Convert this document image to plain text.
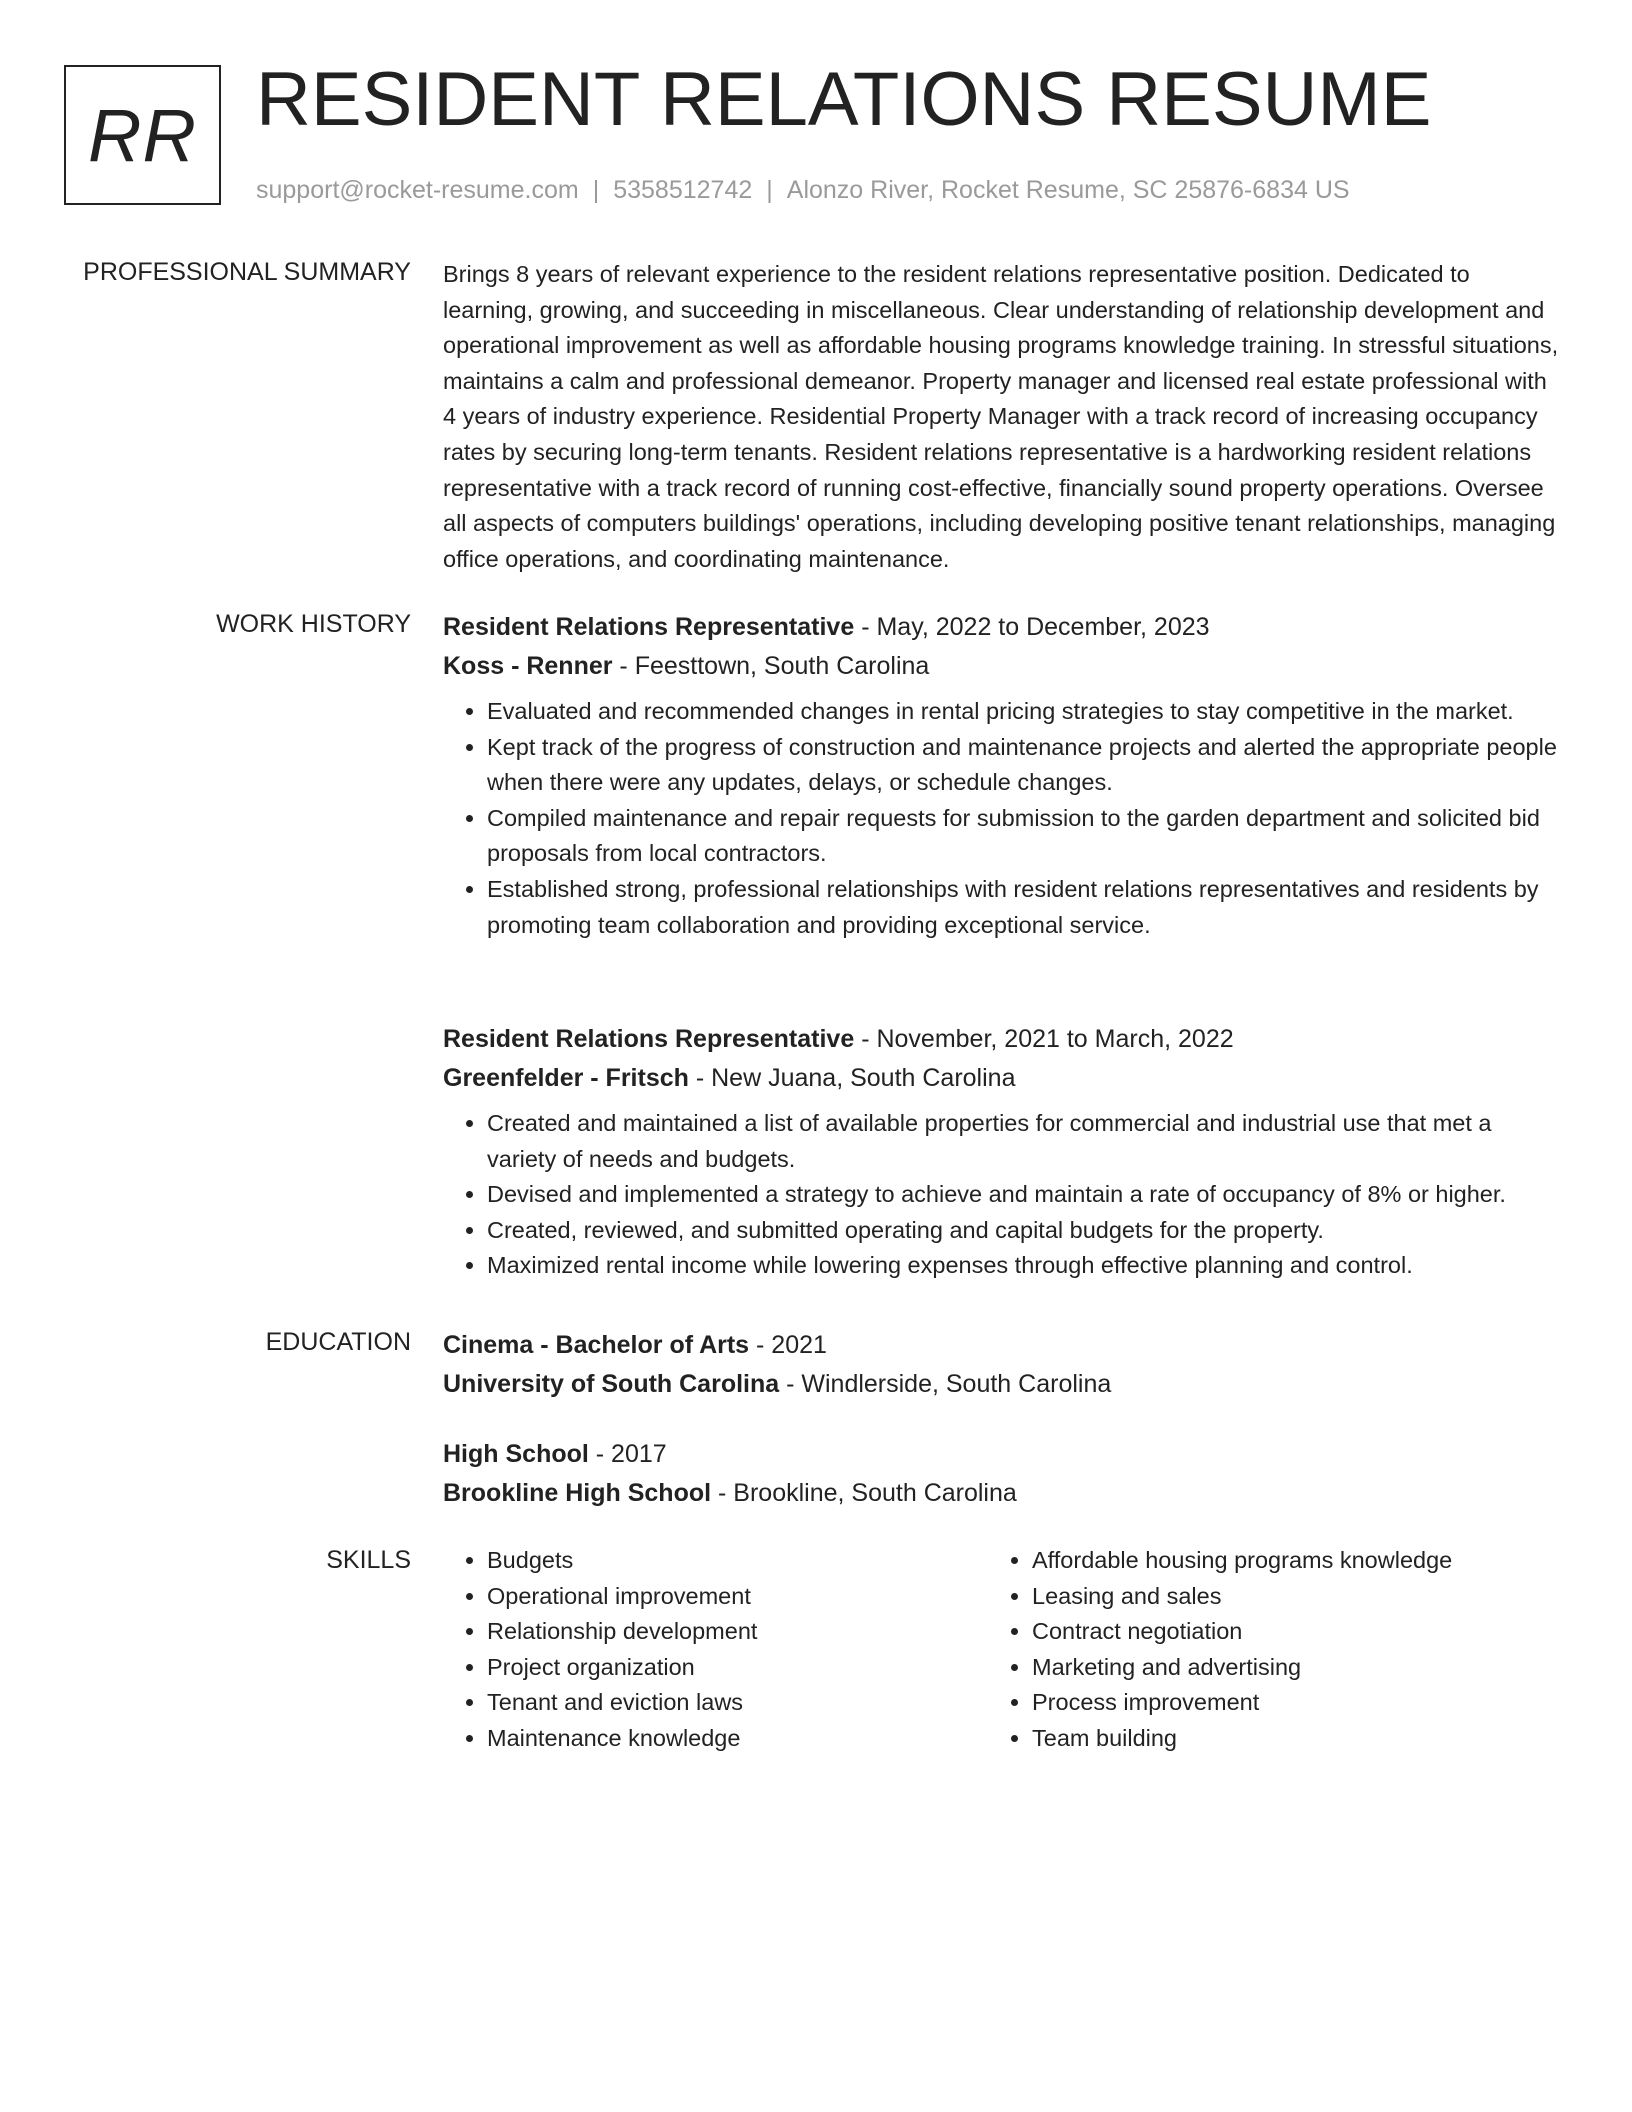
RR RESIDENT RELATIONS RESUME
support@rocket-resume.com | 5358512742 | Alonzo River, Rocket Resume, SC 25876-6834 US
PROFESSIONAL SUMMARY Brings 8 years of relevant experience to the resident relations representative position. Dedicated to learning, growing, and succeeding in miscellaneous. Clear understanding of relationship development and operational improvement as well as affordable housing programs knowledge training. In stressful situations, maintains a calm and professional demeanor. Property manager and licensed real estate professional with 4 years of industry experience. Residential Property Manager with a track record of increasing occupancy rates by securing long-term tenants. Resident relations representative is a hardworking resident relations representative with a track record of running cost-effective, financially sound property operations. Oversee all aspects of computers buildings' operations, including developing positive tenant relationships, managing office operations, and coordinating maintenance.

WORK HISTORY Resident Relations Representative - May, 2022 to December, 2023
Koss - Renner - Feesttown, South Carolina
• Evaluated and recommended changes in rental pricing strategies to stay competitive in the market.
• Kept track of the progress of construction and maintenance projects and alerted the appropriate people when there were any updates, delays, or schedule changes.
• Compiled maintenance and repair requests for submission to the garden department and solicited bid proposals from local contractors.
• Established strong, professional relationships with resident relations representatives and residents by promoting team collaboration and providing exceptional service.
Resident Relations Representative - November, 2021 to March, 2022
Greenfelder - Fritsch - New Juana, South Carolina
• Created and maintained a list of available properties for commercial and industrial use that met a variety of needs and budgets.
• Devised and implemented a strategy to achieve and maintain a rate of occupancy of 8% or higher.
• Created, reviewed, and submitted operating and capital budgets for the property.
• Maximized rental income while lowering expenses through effective planning and control.
EDUCATION Cinema - Bachelor of Arts - 2021
University of South Carolina - Windlerside, South Carolina
High School - 2017
Brookline High School - Brookline, South Carolina
SKILLS
•	Budgets
• Operational improvement
• Relationship development
• Project organization
• Tenant and eviction laws
• Maintenance knowledge
• Affordable housing programs knowledge
• Leasing and sales
• Contract negotiation
• Marketing and advertising
• Process improvement
• Team building
